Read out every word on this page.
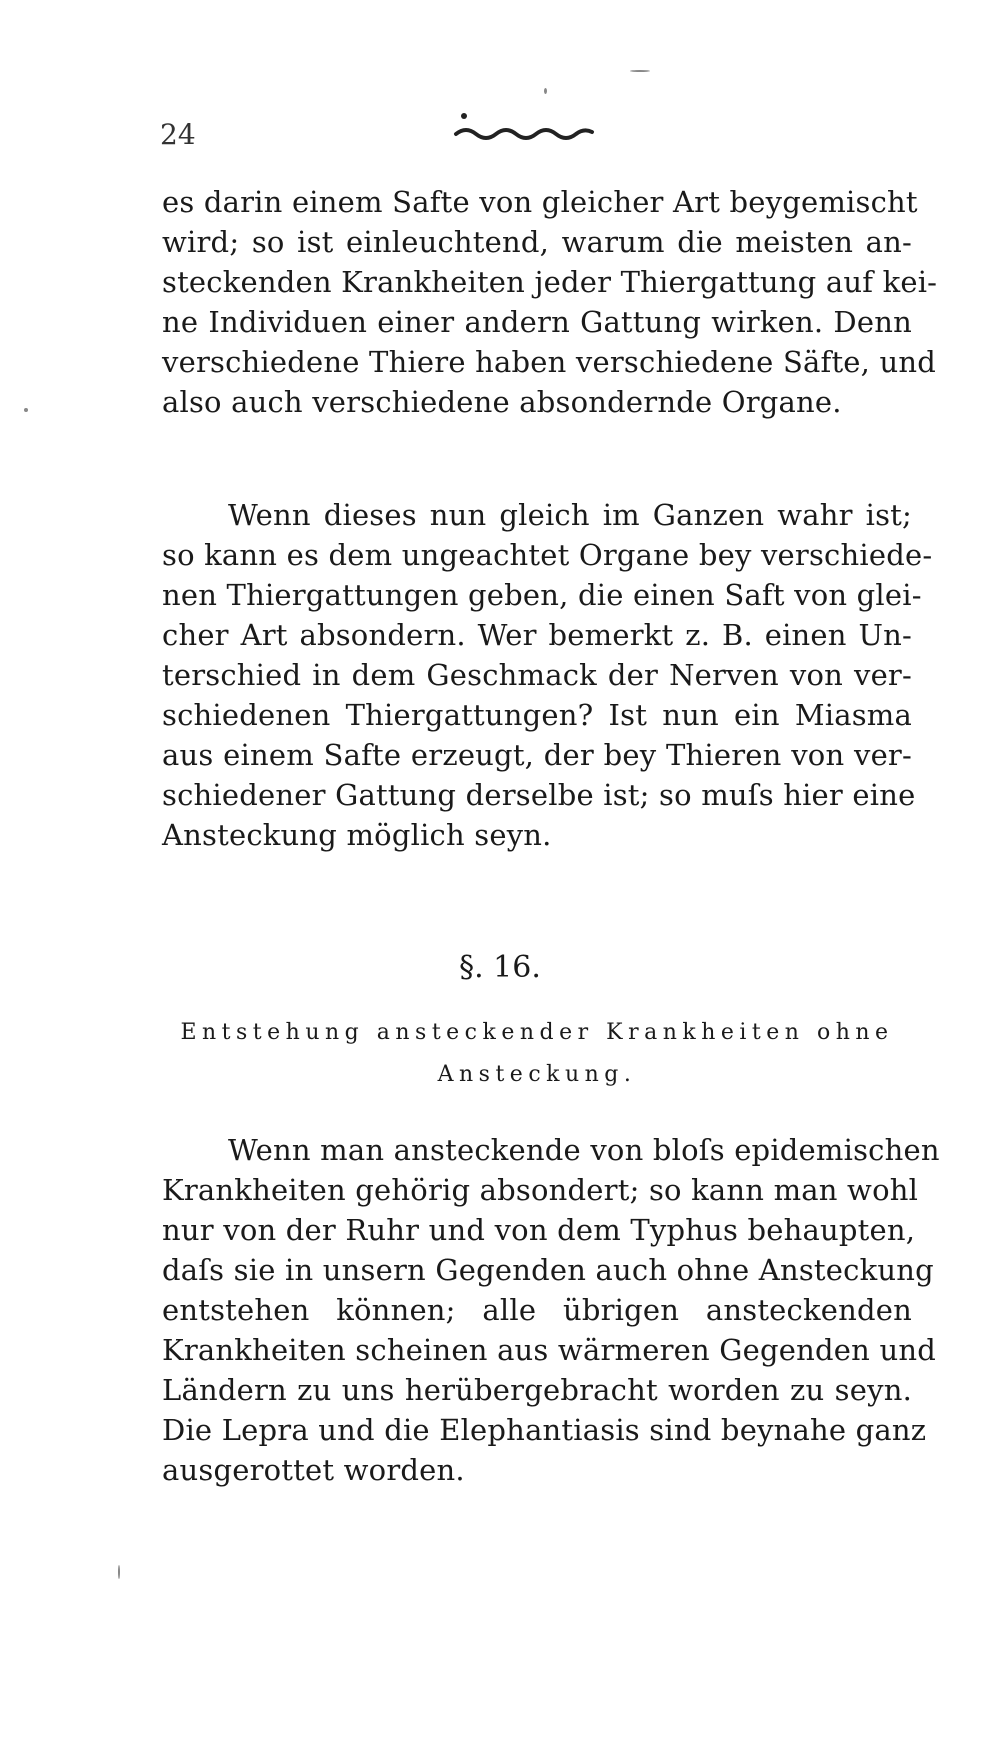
24
es darin einem Safte von gleicher Art beygemischt
wird; so ist einleuchtend, warum die meisten an-
steckenden Krankheiten jeder Thiergattung auf kei-
ne Individuen einer andern Gattung wirken. Denn
verschiedene Thiere haben verschiedene Säfte, und
also auch verschiedene absondernde Organe.
Wenn dieses nun gleich im Ganzen wahr ist;
so kann es dem ungeachtet Organe bey verschiede-
nen Thiergattungen geben, die einen Saft von glei-
cher Art absondern. Wer bemerkt z. B. einen Un-
terschied in dem Geschmack der Nerven von ver-
schiedenen Thiergattungen? Ist nun ein Miasma
aus einem Safte erzeugt, der bey Thieren von ver-
schiedener Gattung derselbe ist; so muſs hier eine
Ansteckung möglich seyn.
§. 16.
Entstehung ansteckender Krankheiten ohne
Ansteckung.
Wenn man ansteckende von bloſs epidemischen
Krankheiten gehörig absondert; so kann man wohl
nur von der Ruhr und von dem Typhus behaupten,
daſs sie in unsern Gegenden auch ohne Ansteckung
entstehen können; alle übrigen ansteckenden
Krankheiten scheinen aus wärmeren Gegenden und
Ländern zu uns herübergebracht worden zu seyn.
Die Lepra und die Elephantiasis sind beynahe ganz
ausgerottet worden.
